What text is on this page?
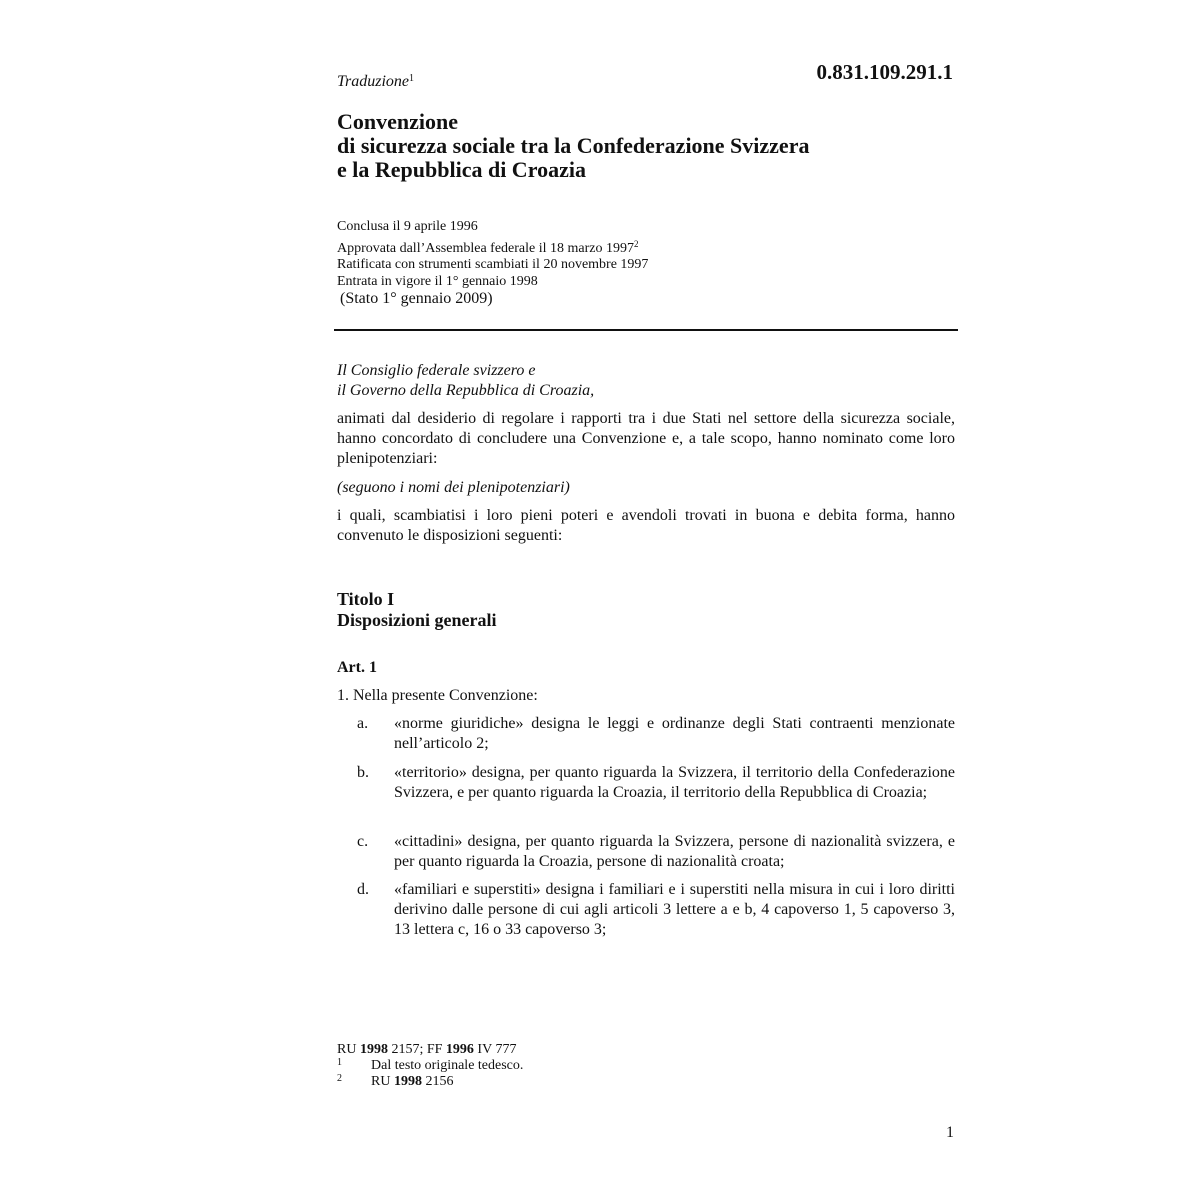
Traduzione$^1$	0.831.109.291.1
Convenzione
di sicurezza sociale tra la Confederazione Svizzera
e la Repubblica di Croazia
Conclusa il 9 aprile 1996
Approvata dall’Assemblea federale il 18 marzo 1997$^2$
Ratificata con strumenti scambiati il 20 novembre 1997
Entrata in vigore il 1° gennaio 1998
(Stato 1° gennaio 2009)
Il Consiglio federale svizzero e
il Governo della Repubblica di Croazia,
animati dal desiderio di regolare i rapporti tra i due Stati nel settore della sicurezza sociale, hanno concordato di concludere una Convenzione e, a tale scopo, hanno nominato come loro plenipotenziari:
(seguono i nomi dei plenipotenziari)
i quali, scambiatisi i loro pieni poteri e avendoli trovati in buona e debita forma, hanno convenuto le disposizioni seguenti:
Titolo I
Disposizioni generali
Art. 1
1. Nella presente Convenzione:
a. «norme giuridiche» designa le leggi e ordinanze degli Stati contraenti menzionate nell’articolo 2;
b. «territorio» designa, per quanto riguarda la Svizzera, il territorio della Confederazione Svizzera, e per quanto riguarda la Croazia, il territorio della Repubblica di Croazia;
c. «cittadini» designa, per quanto riguarda la Svizzera, persone di nazionalità svizzera, e per quanto riguarda la Croazia, persone di nazionalità croata;
d. «familiari e superstiti» designa i familiari e i superstiti nella misura in cui i loro diritti derivino dalle persone di cui agli articoli 3 lettere a e b, 4 capoverso 1, 5 capoverso 3, 13 lettera c, 16 o 33 capoverso 3;
RU 1998 2157; FF 1996 IV 777
1 Dal testo originale tedesco.
2 RU 1998 2156
1
